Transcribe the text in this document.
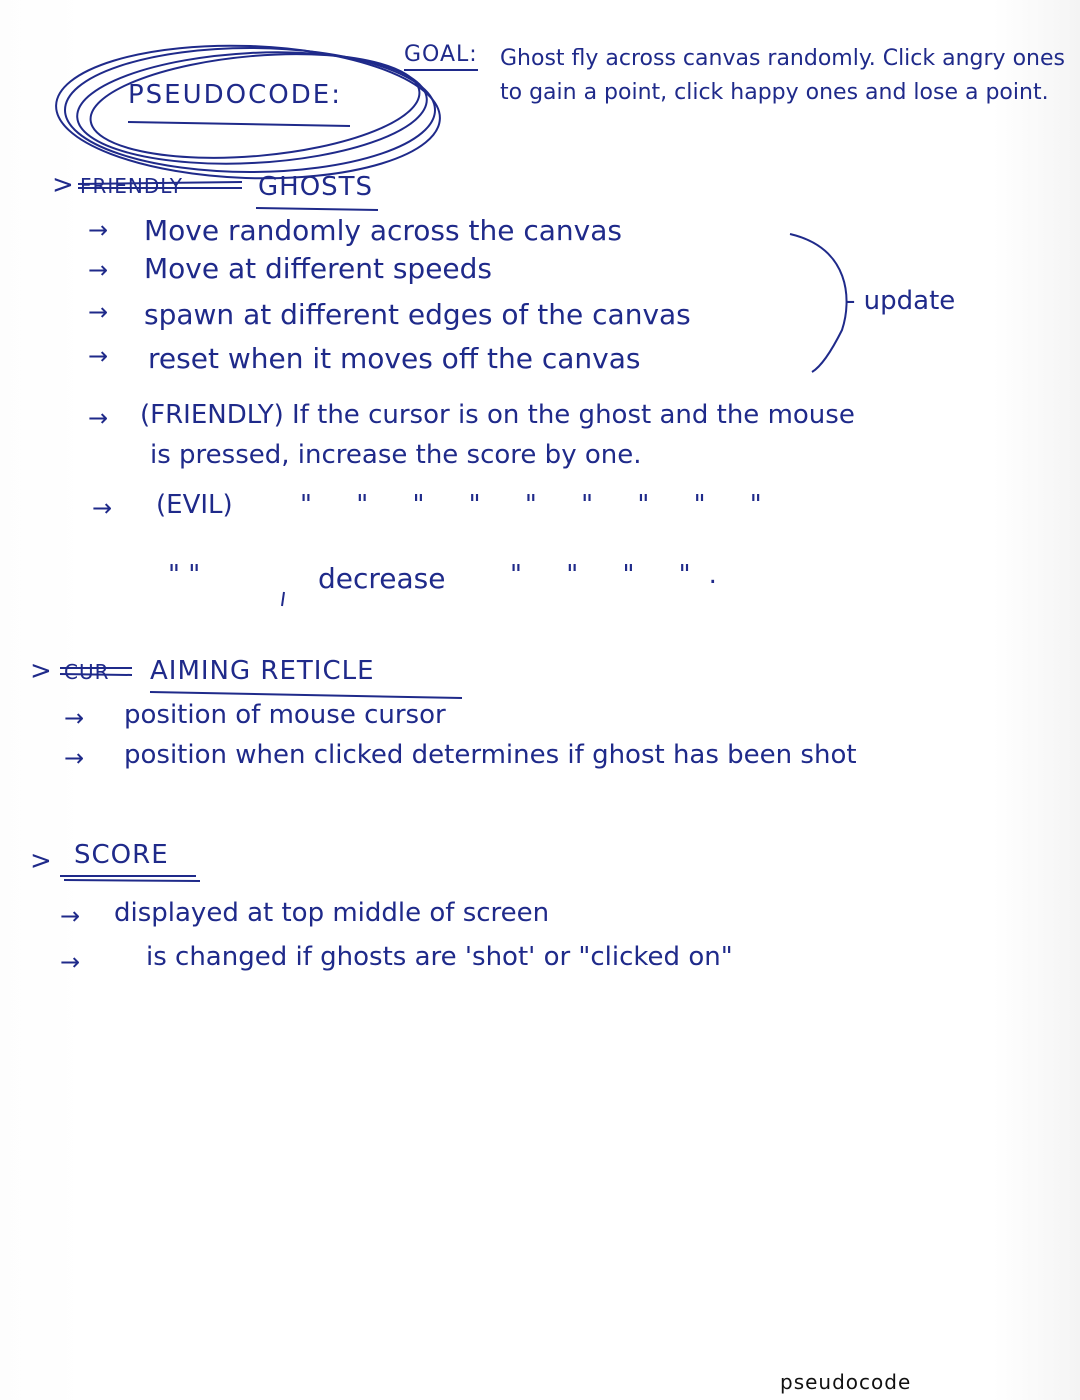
PSEUDOCODE:
GOAL: Ghost fly across canvas randomly. Click angry ones to gain a point, click happy ones and lose a point.
> FRIENDLY	GHOSTS
→ Move randomly across the canvas
→ Move at different speeds
→ spawn at different edges of the canvas
→ reset when it moves off the canvas
- update
→ (FRIENDLY) If the cursor is on the ghost and the mouse
is pressed, increase the score by one.
→ (EVIL)	" " " " " " " " "
" "	decrease " " " ".
> CUR AIMING RETICLE
→ position of mouse cursor
→ position when clicked determines if ghost has been shot
> SCORE
→ displayed at top middle of screen
→	is changed if ghosts are 'shot' or "clicked on"
pseudocode
